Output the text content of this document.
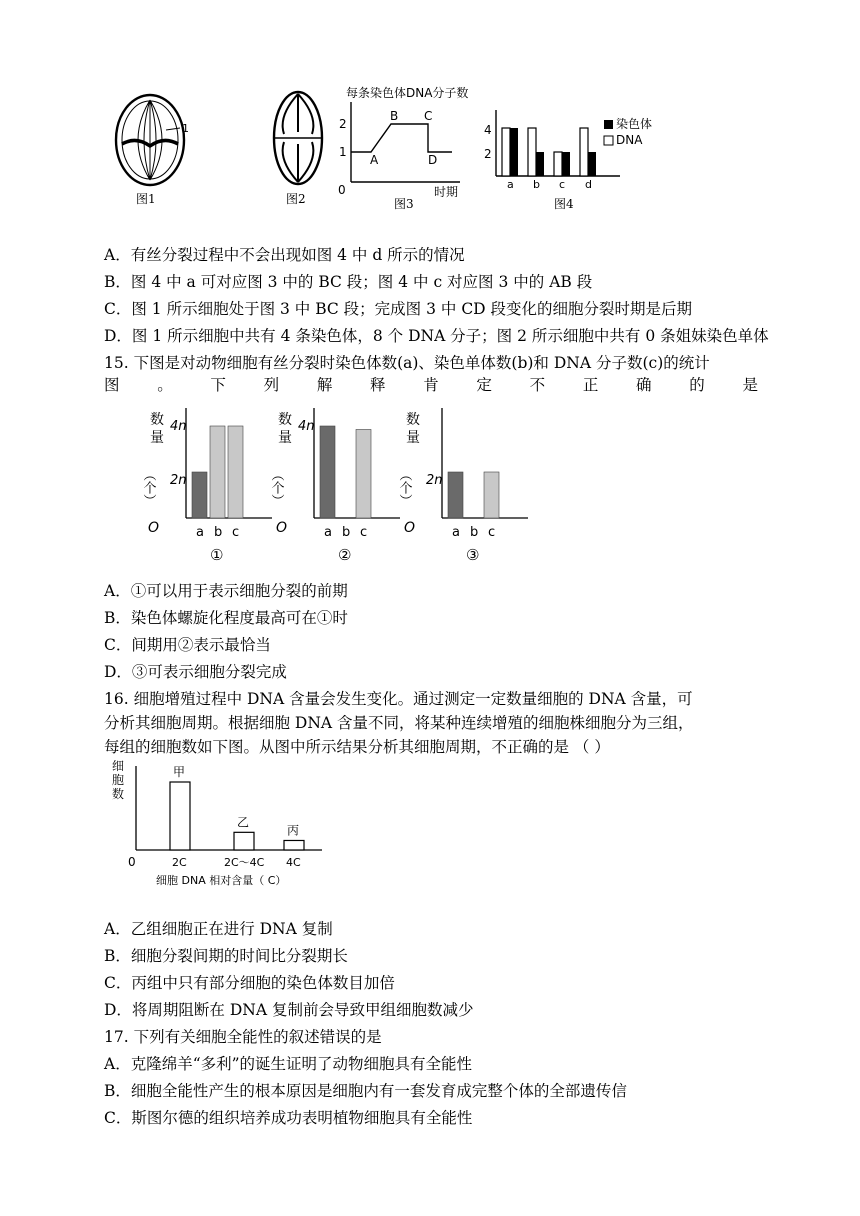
1
图1	图2
每条染色体DNA分子数
2
1
0
A
B C
D
时期
图3
4
2
a b c d
染色体
DNA
图4
A．有丝分裂过程中不会出现如图 4 中 d 所示的情况
B．图 4 中 a 可对应图 3 中的 BC 段；图 4 中 c 对应图 3 中的 AB 段
C．图 1 所示细胞处于图 3 中 BC 段；完成图 3 中 CD 段变化的细胞分裂时期是后期
D．图 1 所示细胞中共有 4 条染色体，8 个 DNA 分子；图 2 所示细胞中共有 0 条姐妹染色单体
15. 下图是对动物细胞有丝分裂时染色体数(a)、染色单体数(b)和 DNA 分子数(c)的统计
图 。 下 列 解 释 肯 定 不 正 确 的 是
数
量
（个）
O
2n
4n
a b c
①
数
量
（个）
O
4n
a b c
②
数
量
（个）
O
2n
a b c
③
A．①可以用于表示细胞分裂的前期
B．染色体螺旋化程度最高可在①时
C．间期用②表示最恰当
D．③可表示细胞分裂完成
16. 细胞增殖过程中 DNA 含量会发生变化。通过测定一定数量细胞的 DNA 含量，可
分析其细胞周期。根据细胞 DNA 含量不同，将某种连续增殖的细胞株细胞分为三组，
每组的细胞数如下图。从图中所示结果分析其细胞周期，不正确的是 （ ）
细
胞
数
0
甲
2C
乙
2C～4C
丙
4C
细胞 DNA 相对含量（ C）
A．乙组细胞正在进行 DNA 复制
B．细胞分裂间期的时间比分裂期长
C．丙组中只有部分细胞的染色体数目加倍
D．将周期阻断在 DNA 复制前会导致甲组细胞数减少
17. 下列有关细胞全能性的叙述错误的是
A．克隆绵羊“多利”的诞生证明了动物细胞具有全能性
B．细胞全能性产生的根本原因是细胞内有一套发育成完整个体的全部遗传信
C．斯图尔德的组织培养成功表明植物细胞具有全能性
